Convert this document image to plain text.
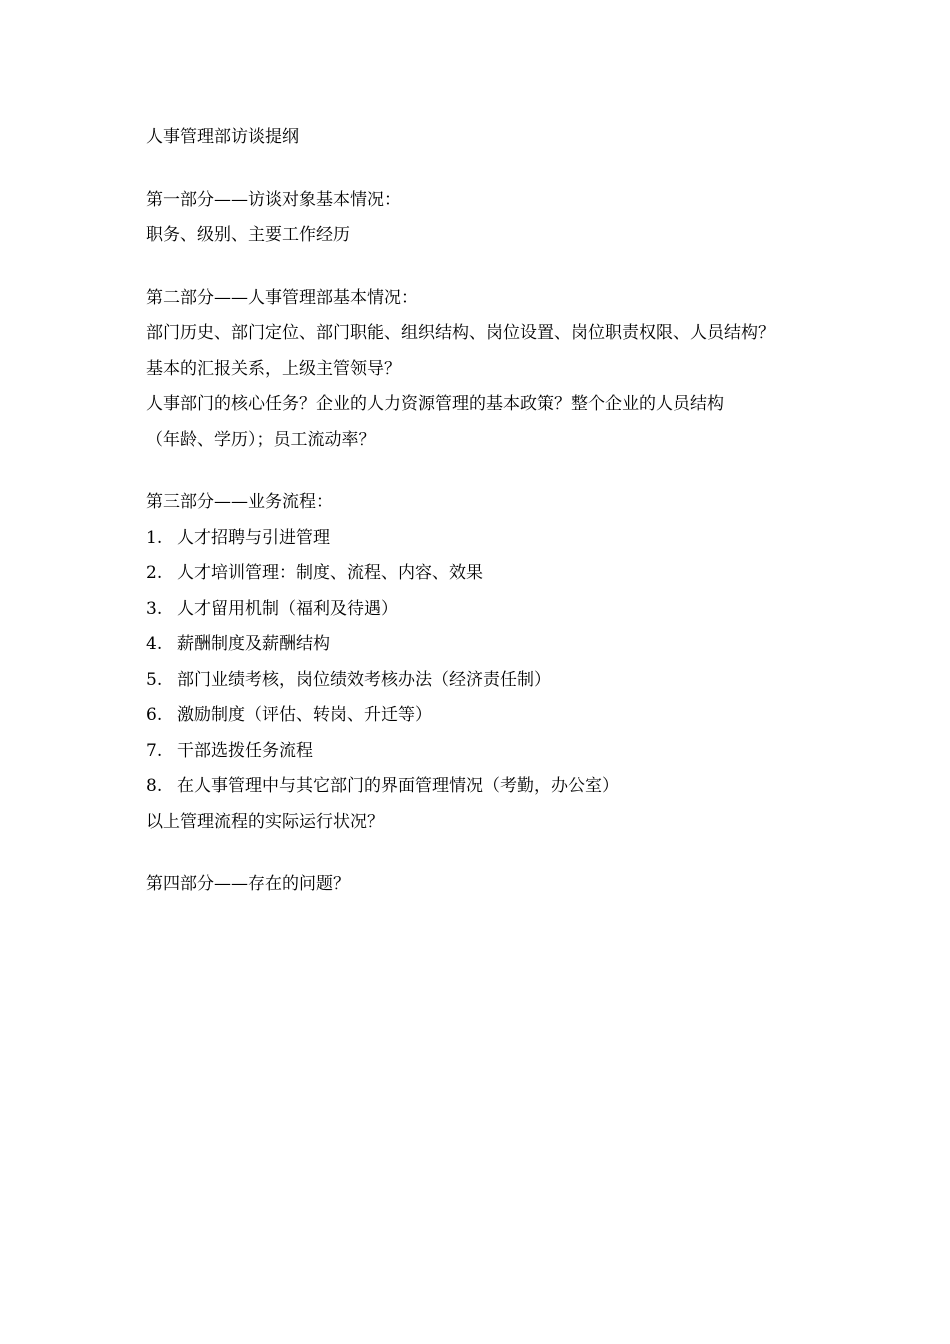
人事管理部访谈提纲
第一部分——访谈对象基本情况：
职务、级别、主要工作经历
第二部分——人事管理部基本情况：
部门历史、部门定位、部门职能、组织结构、岗位设置、岗位职责权限、人员结构？
基本的汇报关系，上级主管领导？
人事部门的核心任务？企业的人力资源管理的基本政策？整个企业的人员结构
（年龄、学历）；员工流动率？
第三部分——业务流程：
1. 人才招聘与引进管理
2. 人才培训管理：制度、流程、内容、效果
3. 人才留用机制（福利及待遇）
4. 薪酬制度及薪酬结构
5. 部门业绩考核，岗位绩效考核办法（经济责任制）
6. 激励制度（评估、转岗、升迁等）
7. 干部选拨任务流程
8. 在人事管理中与其它部门的界面管理情况（考勤，办公室）
以上管理流程的实际运行状况？
第四部分——存在的问题？
